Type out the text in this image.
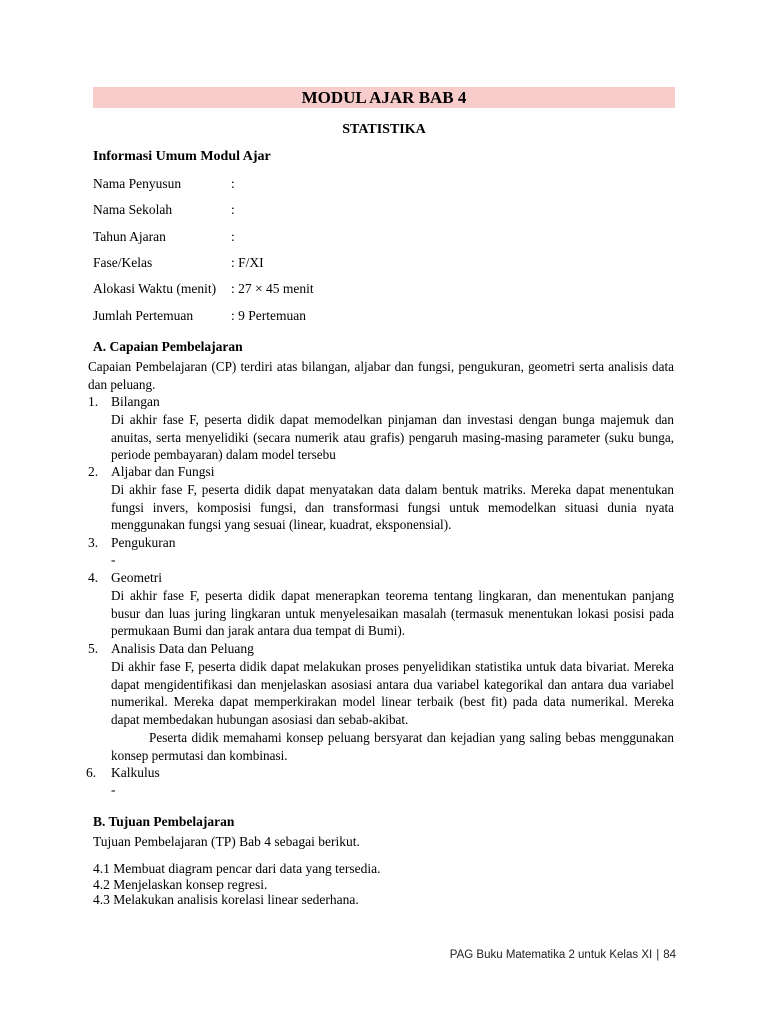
MODUL AJAR BAB 4
STATISTIKA
Informasi Umum Modul Ajar
Nama Penyusun	:
Nama Sekolah	:
Tahun Ajaran	:
Fase/Kelas	: F/XI
Alokasi Waktu (menit) : 27 × 45 menit
Jumlah Pertemuan	: 9 Pertemuan
A. Capaian Pembelajaran
Capaian Pembelajaran (CP) terdiri atas bilangan, aljabar dan fungsi, pengukuran, geometri serta analisis data dan peluang.
1. Bilangan
Di akhir fase F, peserta didik dapat memodelkan pinjaman dan investasi dengan bunga majemuk dan anuitas, serta menyelidiki (secara numerik atau grafis) pengaruh masing-masing parameter (suku bunga, periode pembayaran) dalam model tersebu
2. Aljabar dan Fungsi
Di akhir fase F, peserta didik dapat menyatakan data dalam bentuk matriks. Mereka dapat menentukan fungsi invers, komposisi fungsi, dan transformasi fungsi untuk memodelkan situasi dunia nyata menggunakan fungsi yang sesuai (linear, kuadrat, eksponensial).
3. Pengukuran
-
4. Geometri
Di akhir fase F, peserta didik dapat menerapkan teorema tentang lingkaran, dan menentukan panjang busur dan luas juring lingkaran untuk menyelesaikan masalah (termasuk menentukan lokasi posisi pada permukaan Bumi dan jarak antara dua tempat di Bumi).
5. Analisis Data dan Peluang
Di akhir fase F, peserta didik dapat melakukan proses penyelidikan statistika untuk data bivariat. Mereka dapat mengidentifikasi dan menjelaskan asosiasi antara dua variabel kategorikal dan antara dua variabel numerikal. Mereka dapat memperkirakan model linear terbaik (best fit) pada data numerikal. Mereka dapat membedakan hubungan asosiasi dan sebab-akibat.
Peserta didik memahami konsep peluang bersyarat dan kejadian yang saling bebas menggunakan konsep permutasi dan kombinasi.
6. Kalkulus
-
B. Tujuan Pembelajaran
Tujuan Pembelajaran (TP) Bab 4 sebagai berikut.
4.1 Membuat diagram pencar dari data yang tersedia.
4.2 Menjelaskan konsep regresi.
4.3 Melakukan analisis korelasi linear sederhana.
PAG Buku Matematika 2 untuk Kelas XI | 84
